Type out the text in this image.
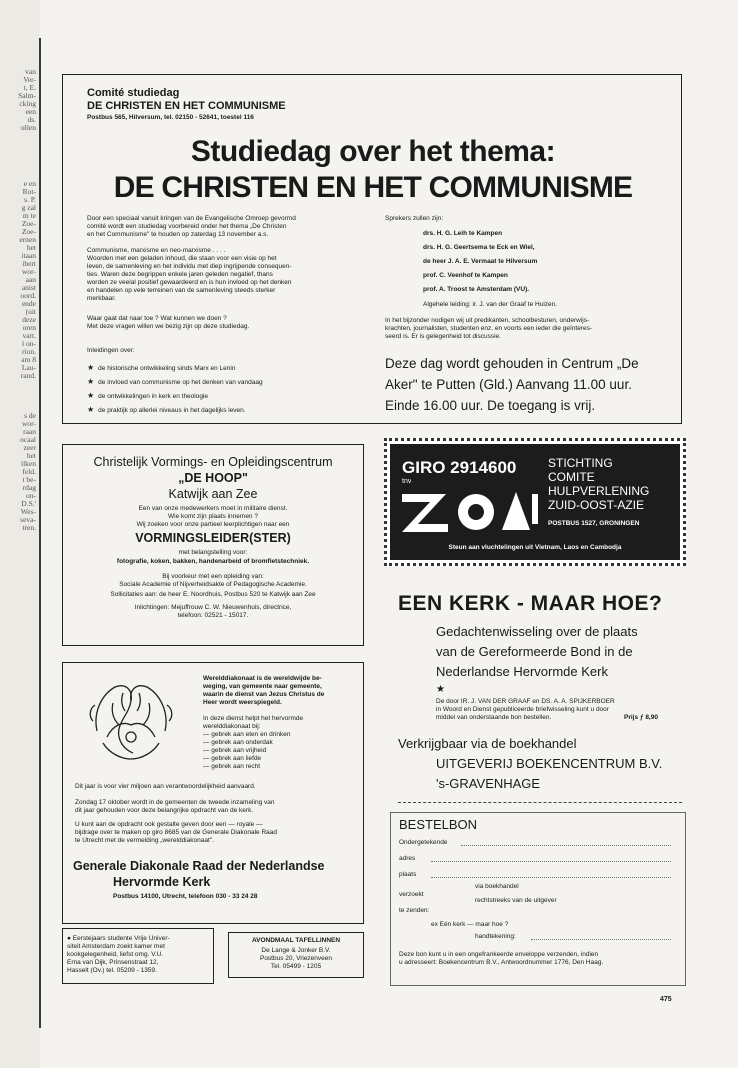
van
Ver-
t, E.
Salm-
cking
een
ds.
ullen
e en
Rot-
s. P.
g zal
m te
Zoe-
Zoe-
ernen
het
itaan
ibert
wor-
aan
anist
oord.
ende
(uit
deze
oren
vart.
l on-
rion.
am 8
Lau-
rand.
s de
wor-
raan
ocaal
zeer
het
ilken
feld.
t be-
rdag
on-
D.S.'
Wes-
seva-
tren.
Comité studiedag
DE CHRISTEN EN HET COMMUNISME
Postbus 565, Hilversum, tel. 02150 - 52641, toestel 116
Studiedag over het thema:
DE CHRISTEN EN HET COMMUNISME
Door een speciaal vanuit kringen van de Evangelische Omroep gevormd
comité wordt een studiedag voorbereid onder het thema „De Christen
en het Communisme" te houden op zaterdag 13 november a.s.
Communisme, marxisme en neo-marxisme . . . .
Woorden met een geladen inhoud, die staan voor een visie op het
leven, de samenleving en het individu met diep ingrijpende consequen-
ties. Waren deze begrippen enkele jaren geleden negatief, thans
worden ze veelal positief gewaardeerd en is hun invloed op het denken
en handelen op vele terreinen van de samenleving steeds sterker
merkbaar.
Waar gaat dat naar toe ? Wat kunnen we doen ?
Met deze vragen willen we bezig zijn op deze studiedag.
Inleidingen over:
★ de historische ontwikkeling sinds Marx en Lenin
★ de invloed van communisme op het denken van vandaag
★ de ontwikkelingen in kerk en theologie
★ de praktijk op allerlei niveaus in het dagelijks leven.
Sprekers zullen zijn:
drs. H. G. Leih te Kampen
drs. H. G. Geertsema te Eck en Wiel,
de heer J. A. E. Vermaat te Hilversum
prof. C. Veenhof te Kampen
prof. A. Troost te Amsterdam (VU).
Algehele leiding: ir. J. van der Graaf te Huizen.
In het bijzonder nodigen wij uit predikanten, schoolbesturen, onderwijs-
krachten, journalisten, studenten enz. en voorts een ieder die geïnteres-
seerd is. Er is gelegenheid tot discussie.
Deze dag wordt gehouden in Centrum „De
Aker" te Putten (Gld.) Aanvang 11.00 uur.
Einde 16.00 uur. De toegang is vrij.
Christelijk Vormings- en Opleidingscentrum
„DE HOOP"
Katwijk aan Zee
Een van onze medewerkers moet in militaire dienst.
Wie komt zijn plaats innemen ?
Wij zoeken voor onze partieel leerplichtigen naar een
VORMINGSLEIDER(STER)
met belangstelling voor:
fotografie, koken, bakken, handenarbeid of bromfietstechniek.
Bij voorkeur met een opleiding van:
Sociale Academie of Nijverheidsakte of Pedagogische Academie.
Sollicitaties aan: de heer E. Noordhuis, Postbus 520 te Katwijk aan Zee
Inlichtingen: Mejuffrouw C. W. Nieuwenhuis, directrice,
telefoon: 02521 - 15017.
Werelddiakonaat is de wereldwijde be-
weging, van gemeente naar gemeente,
waarin de dienst van Jezus Christus de
Heer wordt weerspiegeld.
In deze dienst helpt het hervormde
werelddiakonaat bij:
— gebrek aan eten en drinken
— gebrek aan onderdak
— gebrek aan vrijheid
— gebrek aan liefde
— gebrek aan recht
Dit jaar is voor vier miljoen aan verantwoordelijkheid aanvaard.
Zondag 17 oktober wordt in de gemeenten de tweede inzameling van
dit jaar gehouden voor deze belangrijke opdracht van de kerk.
U kunt aan de opdracht ook gestalte geven door een — royale —
bijdrage over te maken op giro 8685 van de Generale Diakonale Raad
te Utrecht met de vermelding „werelddiakonaat".
Generale Diakonale Raad der Nederlandse
Hervormde Kerk
Postbus 14100, Utrecht, telefoon 030 - 33 24 28
● Eerstejaars studente Vrije Univer-
siteit Amsterdam zoekt kamer met
kookgelegenheid, liefst omg. V.U.
Erna van Dijk, Prinsenstraat 12,
Hasselt (Ov.) tel. 05209 - 1359.
AVONDMAAL TAFELLINNEN
De Lange & Jonker B.V.
Postbus 20, Vriezenveen
Tel. 05499 - 1205
GIRO 2914600
tnv
STICHTING
COMITE
HULPVERLENING
ZUID-OOST-AZIE
POSTBUS 1527, GRONINGEN
Steun aan vluchtelingen uit Vietnam, Laos en Cambodja
EEN KERK - MAAR HOE?
Gedachtenwisseling over de plaats
van de Gereformeerde Bond in de
Nederlandse Hervormde Kerk
★
De door IR. J. VAN DER GRAAF en DS. A. A. SPIJKERBOER
in Woord en Dienst gepubliceerde briefwisseling kunt u door
middel van onderstaande bon bestellen.	Prijs ƒ 8,90
Verkrijgbaar via de boekhandel
UITGEVERIJ BOEKENCENTRUM B.V.
's-GRAVENHAGE
BESTELBON
Ondergetekende
adres
plaats
via boekhandel
verzoekt
rechtstreeks van de uitgever
te zenden:
ex Eén kerk — maar hoe ?
handtekening:
Deze bon kunt u in een ongefrankeerde enveloppe verzenden, indien
u adresseert: Boekencentrum B.V., Antwoordnummer 1776, Den Haag.
475
